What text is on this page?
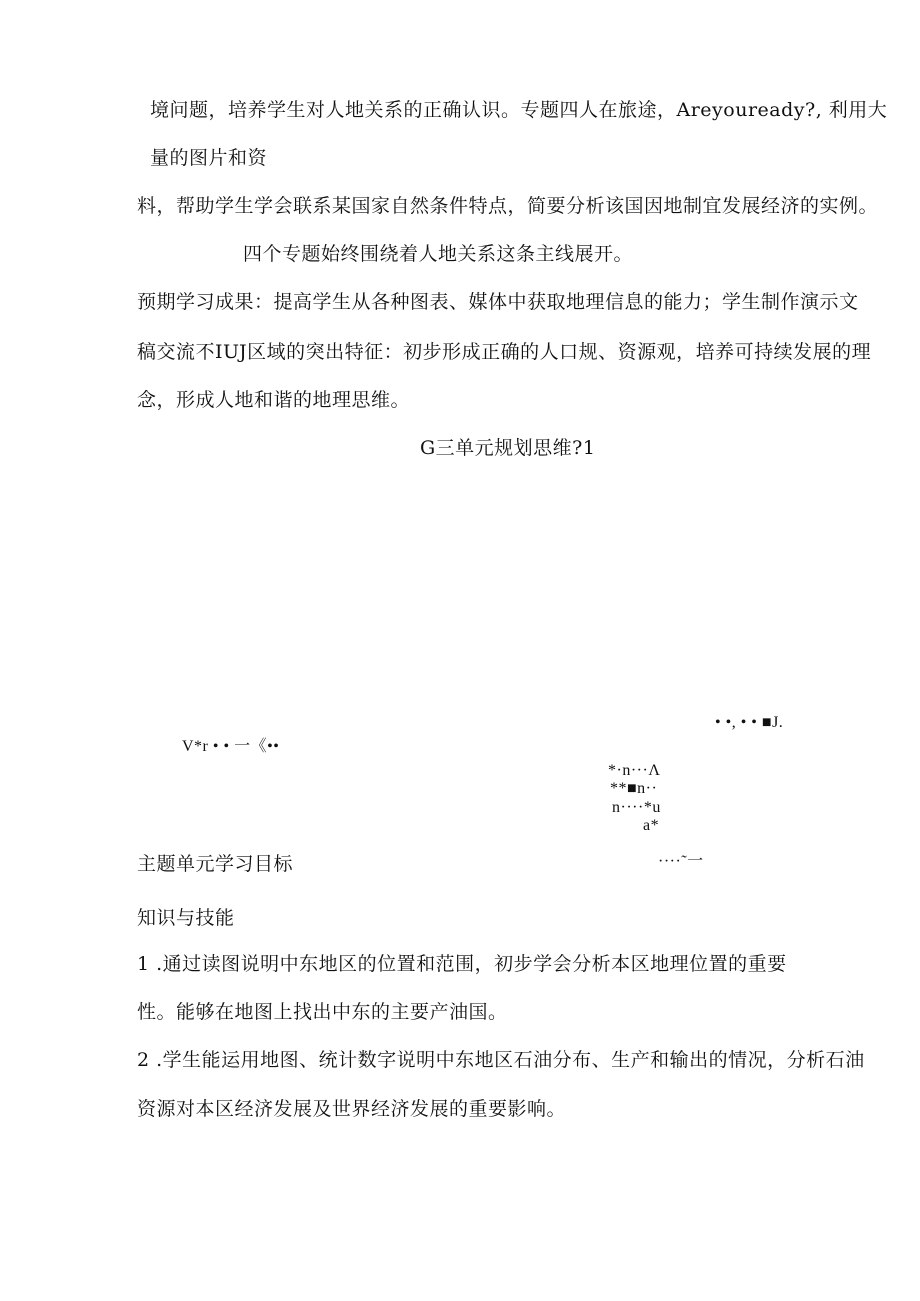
境问题，培养学生对人地关系的正确认识。专题四人在旅途，Areyouready?, 利用大
量的图片和资
料，帮助学生学会联系某国家自然条件特点，简要分析该国因地制宜发展经济的实例。
四个专题始终围绕着人地关系这条主线展开。
预期学习成果：提高学生从各种图表、媒体中获取地理信息的能力；学生制作演示文
稿交流不IUJ区域的突出特征：初步形成正确的人口规、资源观，培养可持续发展的理
念，形成人地和谐的地理思维。
G三单元规划思维?1
• •, • • ■J.
V*r • • 一《••
*·n···Λ
**■n··
n····*u
a*
····˜一
主题单元学习目标
知识与技能
1 .通过读图说明中东地区的位置和范围，初步学会分析本区地理位置的重要
性。能够在地图上找出中东的主要产油国。
2 .学生能运用地图、统计数字说明中东地区石油分布、生产和输出的情况，分析石油
资源对本区经济发展及世界经济发展的重要影响。
